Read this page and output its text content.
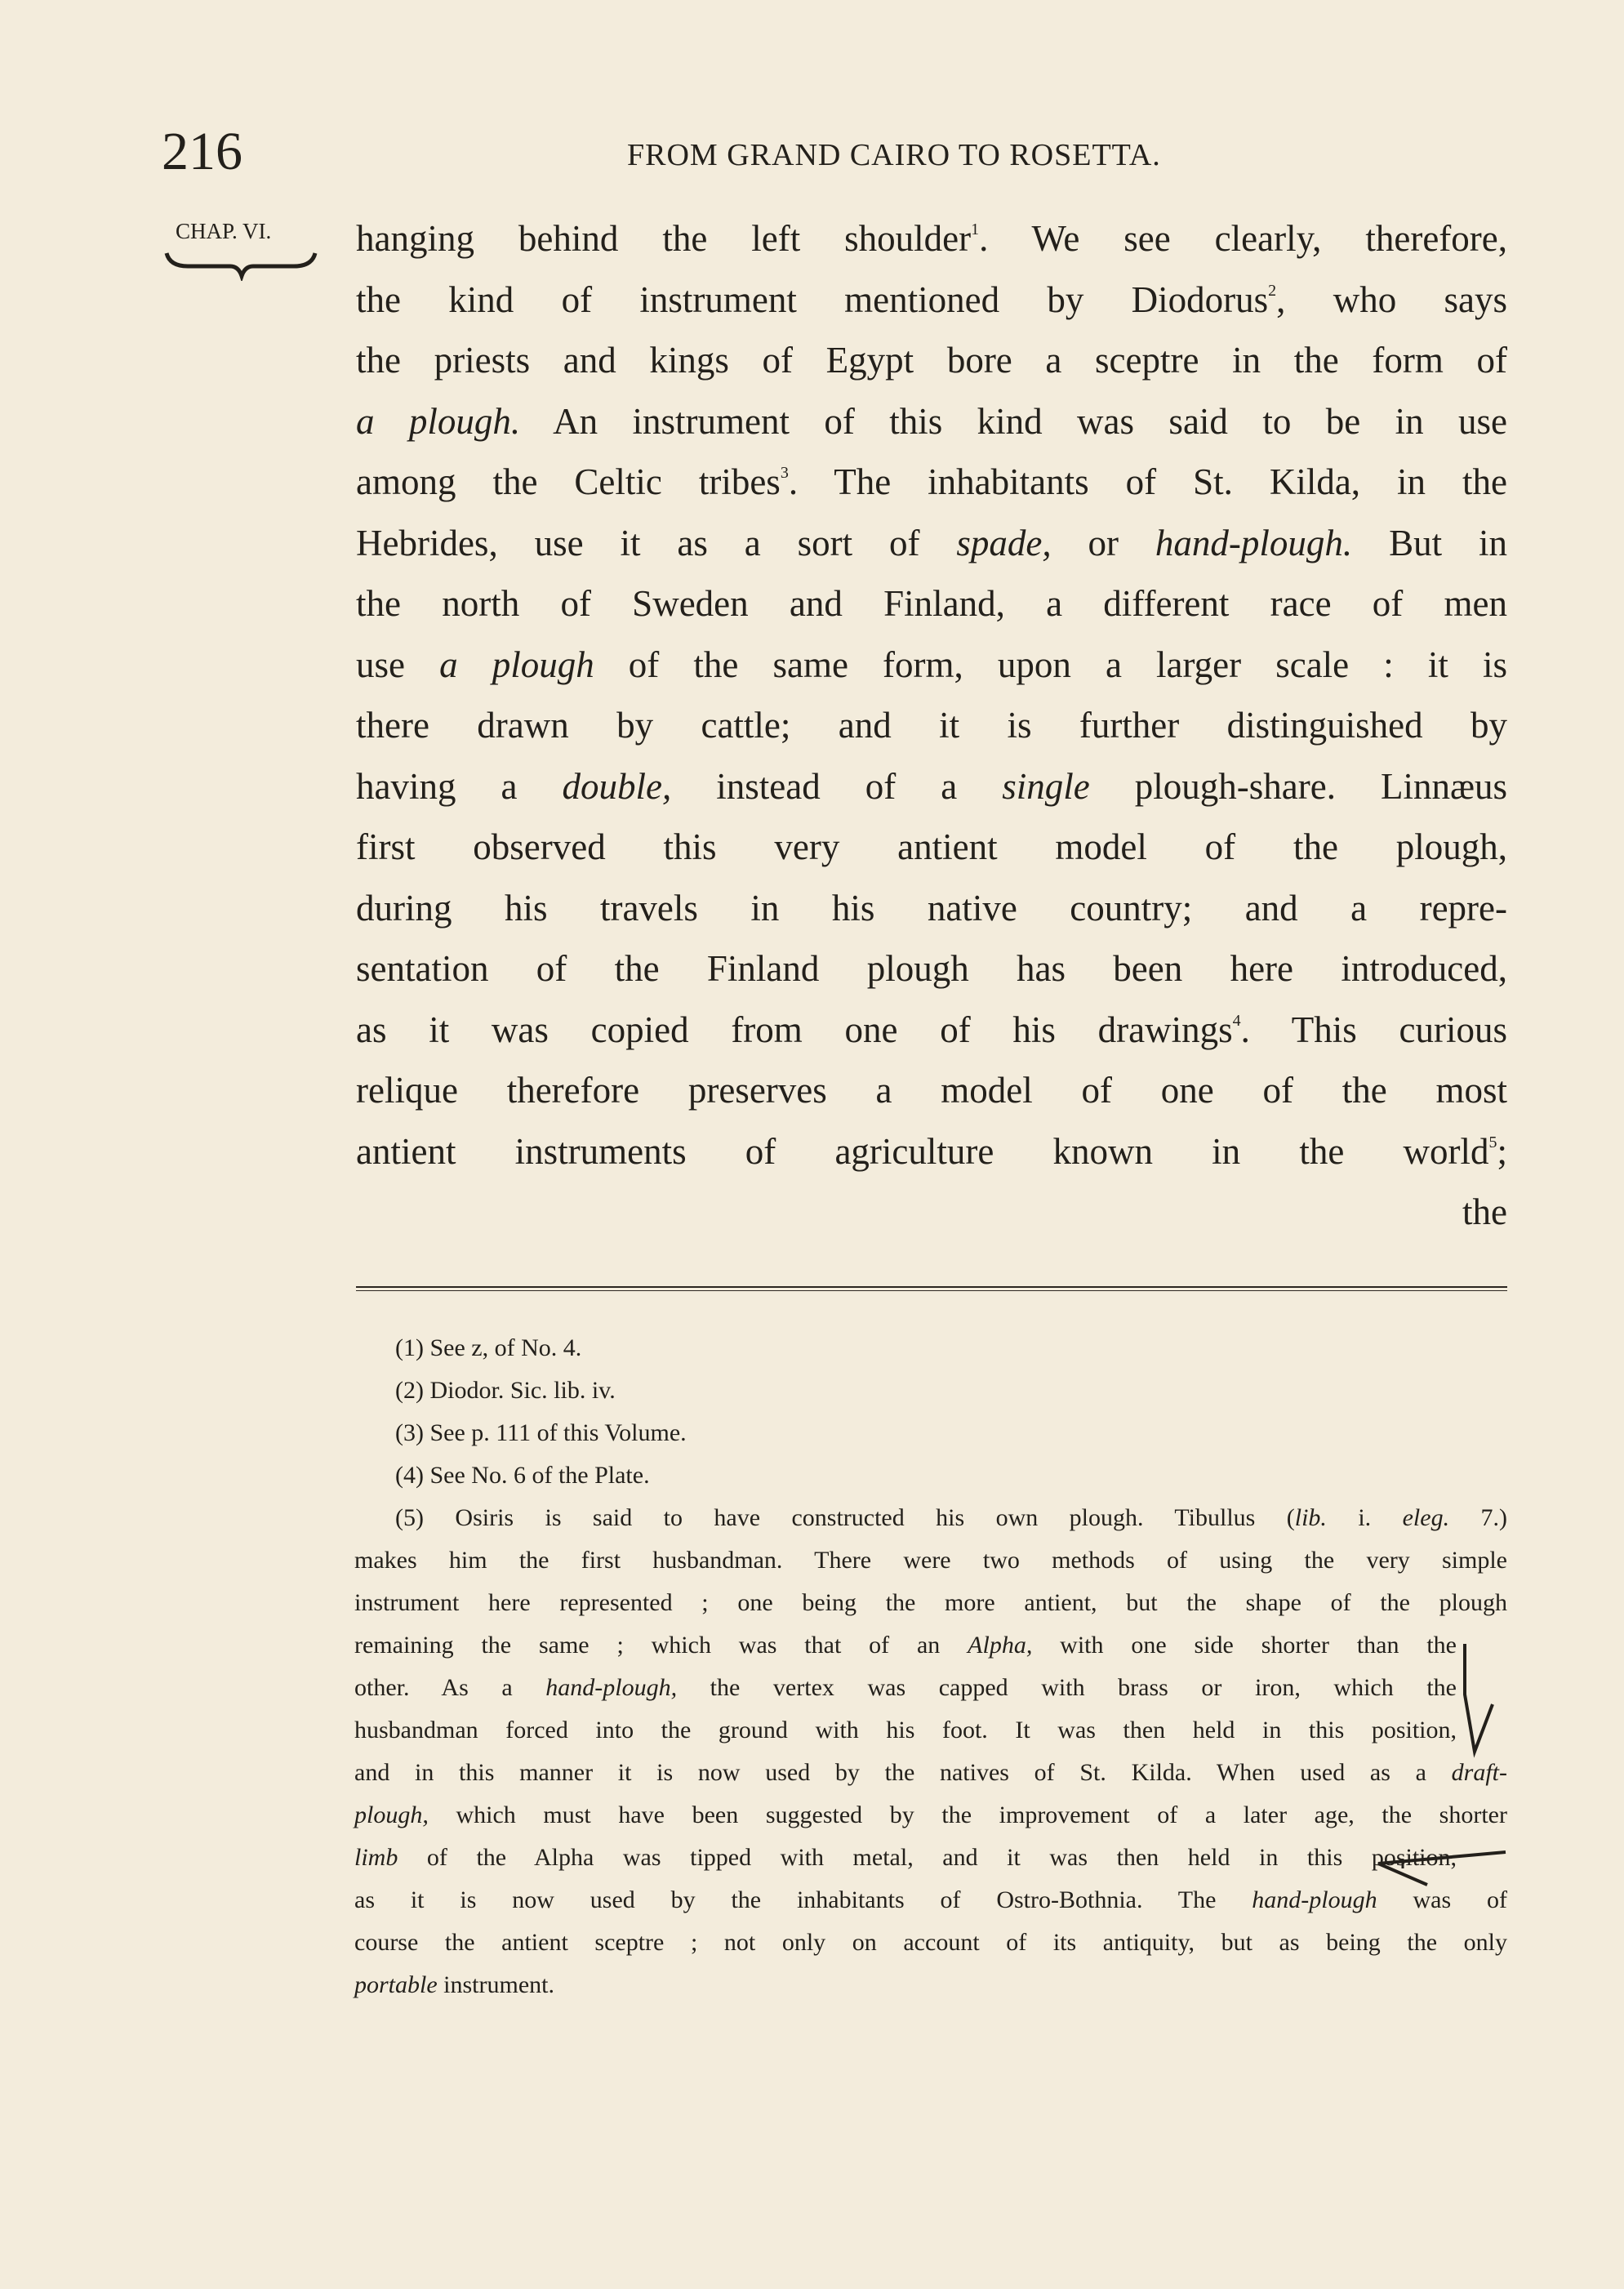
216	FROM GRAND CAIRO TO ROSETTA.
CHAP. VI. hanging behind the left shoulder$^1$. We see clearly, therefore,
the kind of instrument mentioned by Diodorus$^2$, who says
the priests and kings of Egypt bore a sceptre in the form of
a plough. An instrument of this kind was said to be in use
among the Celtic tribes$^3$. The inhabitants of St. Kilda, in the
Hebrides, use it as a sort of spade, or hand-plough. But in
the north of Sweden and Finland, a different race of men
use a plough of the same form, upon a larger scale : it is
there drawn by cattle; and it is further distinguished by
having a double, instead of a single plough-share. Linnæus
first observed this very antient model of the plough,
during his travels in his native country; and a repre-
sentation of the Finland plough has been here introduced,
as it was copied from one of his drawings$^4$. This curious
relique therefore preserves a model of one of the most
antient instruments of agriculture known in the world$^5$;
the
(1) See z, of No. 4.
(2) Diodor. Sic. lib. iv.
(3) See p. 111 of this Volume.
(4) See No. 6 of the Plate.
(5) Osiris is said to have constructed his own plough. Tibullus (lib. i. eleg. 7.)
makes him the first husbandman. There were two methods of using the very simple
instrument here represented ; one being the more antient, but the shape of the plough
remaining the same ; which was that of an Alpha, with one side shorter than the
other. As a hand-plough, the vertex was capped with brass or iron, which the
husbandman forced into the ground with his foot. It was then held in this position,
and in this manner it is now used by the natives of St. Kilda. When used as a draft-
plough, which must have been suggested by the improvement of a later age, the shorter
limb of the Alpha was tipped with metal, and it was then held in this position,
as it is now used by the inhabitants of Ostro-Bothnia. The hand-plough was of
course the antient sceptre ; not only on account of its antiquity, but as being the only
portable instrument.
